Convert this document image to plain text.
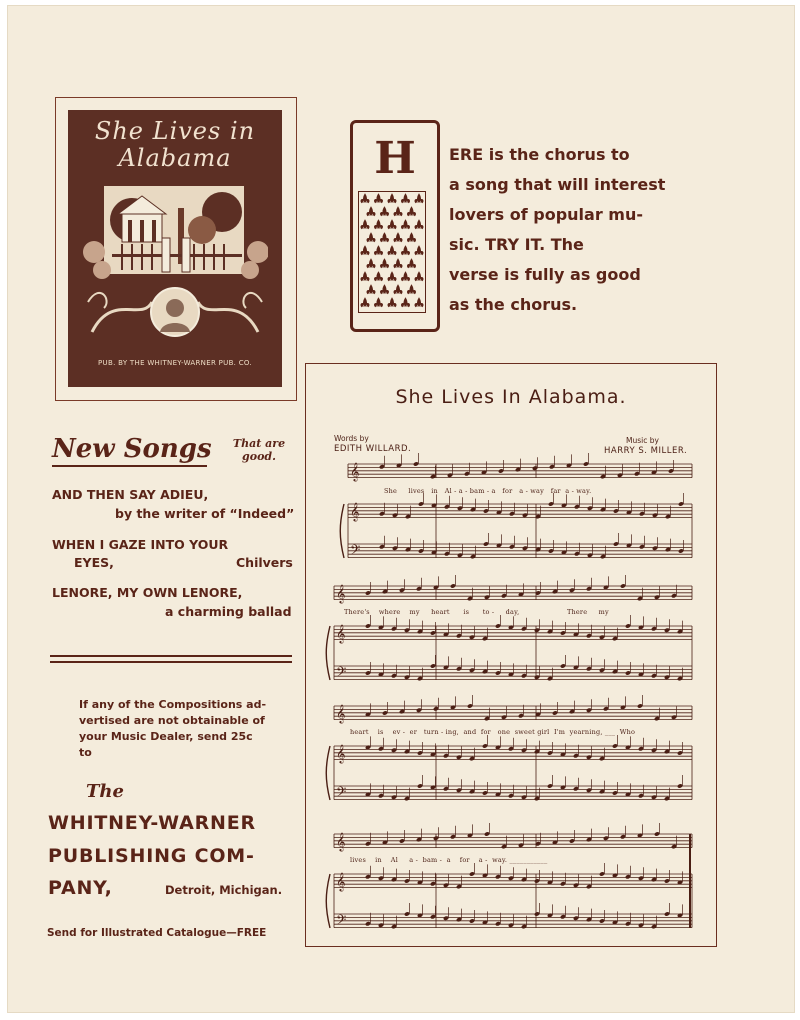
She Lives in
Alabama
PUB. BY THE WHITNEY-WARNER PUB. CO.
H	ERE is the chorus to
a song that will interest
lovers of popular mu-
sic. TRY IT. The
verse is fully as good
as the chorus.
𝄞
𝄞
𝄢
𝄞
𝄞
𝄢
𝄞
𝄞
𝄢
𝄞
𝄞
𝄢
She Lives In Alabama.
Words by
EDITH WILLARD.
Music by
HARRY S. MILLER.
She     lives   in   Al - a - bam - a   for   a - way   far  a - way.
There's    where    my     heart      is      to -     day,                     There     my
heart    is    ev -  er   turn - ing,  and  for   one  sweet girl  I'm  yearning, ___  Who
lives    in    Al     a -  bam -  a    for    a -  way. ___________
New Songs	That are
good.
AND THEN SAY ADIEU,
by the writer of “Indeed”
WHEN I GAZE INTO YOUR
EYES,	Chilvers
LENORE, MY OWN LENORE,
a charming ballad
If any of the Compositions ad-
vertised are not obtainable of
your Music Dealer, send 25c
to
The
WHITNEY-WARNER
PUBLISHING COM-
PANY,	Detroit, Michigan.
Send for Illustrated Catalogue—FREE
